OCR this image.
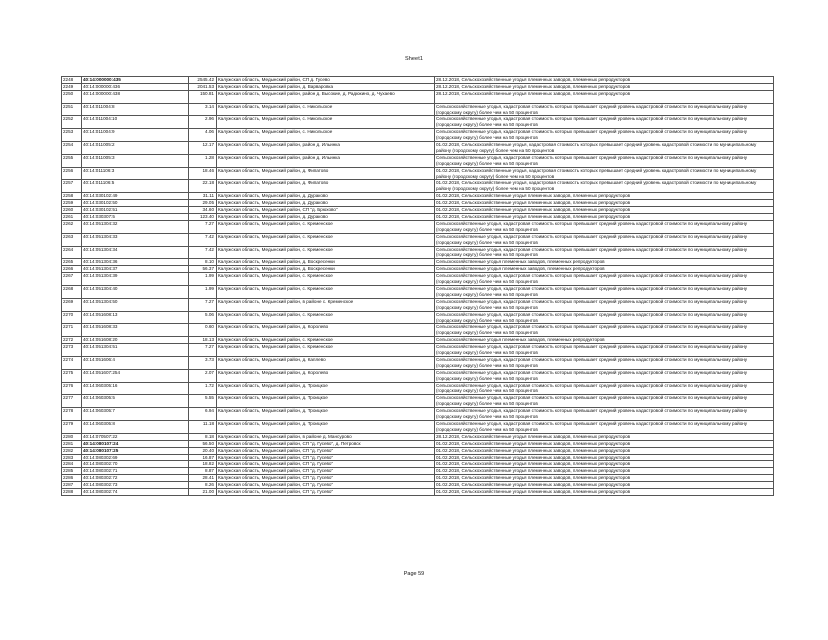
Sheet1
2248	40:14:000000:435	2545.42	Калужская область, Медынский район, СП д. Гусево	28.12.2018, Сельскохозяйственные угодья племенных заводов, племенных репродукторов
2249	40:14:000000:436	2041.53	Калужская область, Медынский район, д. Варваровка	28.12.2018, Сельскохозяйственные угодья племенных заводов, племенных репродукторов
2250	40:14:000000:438	150.81	Калужская область, Медынский район, район д. Высокие, д. Радюкино, д. Чухаево	28.12.2018, Сельскохозяйственные угодья племенных заводов, племенных репродукторов
2251	40:14:011004:8	3.14	Калужская область, Медынский район, с. Никольское	Сельскохозяйственные угодья, кадастровая стоимость которых превышает средний уровень кадастровой стоимости по муниципальному району (городскому округу) более чем на 50 процентов
2252	40:14:011004:10	2.96	Калужская область, Медынский район, с. Никольское	Сельскохозяйственные угодья, кадастровая стоимость которых превышает средний уровень кадастровой стоимости по муниципальному району (городскому округу) более чем на 50 процентов
2253	40:14:011004:9	4.06	Калужская область, Медынский район, с. Никольское	Сельскохозяйственные угодья, кадастровая стоимость которых превышает средний уровень кадастровой стоимости по муниципальному району (городскому округу) более чем на 50 процентов
2254	40:14:011005:2	12.17	Калужская область, Медынский район, район д. Ильинка	01.02.2018, Сельскохозяйственные угодья, кадастровая стоимость которых превышает средний уровень кадастровой стоимости по муниципальному району (городскому округу) более чем на 50 процентов
2255	40:14:011005:3	1.28	Калужская область, Медынский район, район д. Ильинка	Сельскохозяйственные угодья, кадастровая стоимость которых превышает средний уровень кадастровой стоимости по муниципальному району (городскому округу) более чем на 50 процентов
2256	40:14:011106:3	18.46	Калужская область, Медынский район, д. Фипатово	01.02.2018, Сельскохозяйственные угодья, кадастровая стоимость которых превышает средний уровень кадастровой стоимости по муниципальному району (городскому округу) более чем на 50 процентов
2257	40:14:011106:5	22.18	Калужская область, Медынский район, д. Фипатово	01.02.2018, Сельскохозяйственные угодья, кадастровая стоимость которых превышает средний уровень кадастровой стоимости по муниципальному району (городскому округу) более чем на 50 процентов
2258	40:14:030102:49	31.11	Калужская область, Медынский район, д. Дураково	01.02.2018, Сельскохозяйственные угодья племенных заводов, племенных репродукторов
2259	40:14:030102:50	29.05	Калужская область, Медынский район, д. Дураково	01.02.2018, Сельскохозяйственные угодья племенных заводов, племенных репродукторов
2260	40:14:030102:51	34.60	Калужская область, Медынский район, СП "д. Брюхово"	01.02.2018, Сельскохозяйственные угодья племенных заводов, племенных репродукторов
2261	40:14:030307:5	123.40	Калужская область, Медынский район, д. Дураково	01.02.2018, Сельскохозяйственные угодья племенных заводов, племенных репродукторов
2262	40:14:051304:32	7.27	Калужская область, Медынский район, с. Кременское	Сельскохозяйственные угодья, кадастровая стоимость которых превышает средний уровень кадастровой стоимости по муниципальному району (городскому округу) более чем на 50 процентов
2263	40:14:051304:33	7.42	Калужская область, Медынский район, с. Кременское	Сельскохозяйственные угодья, кадастровая стоимость которых превышает средний уровень кадастровой стоимости по муниципальному району (городскому округу) более чем на 50 процентов
2264	40:14:051304:34	7.42	Калужская область, Медынский район, с. Кременское	Сельскохозяйственные угодья, кадастровая стоимость которых превышает средний уровень кадастровой стоимости по муниципальному району (городскому округу) более чем на 50 процентов
2265	40:14:051304:36	8.10	Калужская область, Медынский район, д. Воскресенки	Сельскохозяйственные угодья племенных заводов, племенных репродукторов
2266	40:14:051304:37	56.37	Калужская область, Медынский район, д. Воскресенки	Сельскохозяйственные угодья племенных заводов, племенных репродукторов
2267	40:14:051304:39	1.99	Калужская область, Медынский район, с. Кременское	Сельскохозяйственные угодья, кадастровая стоимость которых превышает средний уровень кадастровой стоимости по муниципальному району (городскому округу) более чем на 50 процентов
2268	40:14:051304:40	1.99	Калужская область, Медынский район, с. Кременское	Сельскохозяйственные угодья, кадастровая стоимость которых превышает средний уровень кадастровой стоимости по муниципальному району (городскому округу) более чем на 50 процентов
2269	40:14:051304:50	7.27	Калужская область, Медынский район, в районе с. Кременское	Сельскохозяйственные угодья, кадастровая стоимость которых превышает средний уровень кадастровой стоимости по муниципальному району (городскому округу) более чем на 50 процентов
2270	40:14:051608:13	5.06	Калужская область, Медынский район, с. Кременское	Сельскохозяйственные угодья, кадастровая стоимость которых превышает средний уровень кадастровой стоимости по муниципальному району (городскому округу) более чем на 50 процентов
2271	40:14:051608:33	0.60	Калужская область, Медынский район, д. Королево	Сельскохозяйственные угодья, кадастровая стоимость которых превышает средний уровень кадастровой стоимости по муниципальному району (городскому округу) более чем на 50 процентов
2272	40:14:051608:20	18.13	Калужская область, Медынский район, с. Кременское	Сельскохозяйственные угодья племенных заводов, племенных репродукторов
2273	40:14:051304:51	7.27	Калужская область, Медынский район, с. Кременское	Сельскохозяйственные угодья, кадастровая стоимость которых превышает средний уровень кадастровой стоимости по муниципальному району (городскому округу) более чем на 50 процентов
2274	40:14:051606:4	3.73	Калужская область, Медынский район, д. Каплево	Сельскохозяйственные угодья, кадастровая стоимость которых превышает средний уровень кадастровой стоимости по муниципальному району (городскому округу) более чем на 50 процентов
2275	40:14:051607:254	2.07	Калужская область, Медынский район, д. Королево	Сельскохозяйственные угодья, кадастровая стоимость которых превышает средний уровень кадастровой стоимости по муниципальному району (городскому округу) более чем на 50 процентов
2276	40:14:060305:16	1.72	Калужская область, Медынский район, д. Троицкое	Сельскохозяйственные угодья, кадастровая стоимость которых превышает средний уровень кадастровой стоимости по муниципальному району (городскому округу) более чем на 50 процентов
2277	40:14:060305:5	5.55	Калужская область, Медынский район, д. Троицкое	Сельскохозяйственные угодья, кадастровая стоимость которых превышает средний уровень кадастровой стоимости по муниципальному району (городскому округу) более чем на 50 процентов
2278	40:14:060305:7	6.94	Калужская область, Медынский район, д. Троицкое	Сельскохозяйственные угодья, кадастровая стоимость которых превышает средний уровень кадастровой стоимости по муниципальному району (городскому округу) более чем на 50 процентов
2279	40:14:060305:8	11.18	Калужская область, Медынский район, д. Троицкое	Сельскохозяйственные угодья, кадастровая стоимость которых превышает средний уровень кадастровой стоимости по муниципальному району (городскому округу) более чем на 50 процентов
2280	40:14:070507:22	8.18	Калужская область, Медынский район, в районе д. Мансурово	28.12.2018, Сельскохозяйственные угодья племенных заводов, племенных репродукторов
2281	40:14:080107:24	56.50	Калужская область, Медынский район, СП "д. Гусево", д. Петровск	01.02.2018, Сельскохозяйственные угодья племенных заводов, племенных репродукторов
2282	40:14:080107:25	20.40	Калужская область, Медынский район, СП "д. Гусево"	01.02.2018, Сельскохозяйственные угодья племенных заводов, племенных репродукторов
2283	40:14:080302:69	16.87	Калужская область, Медынский район, СП "д. Гусево"	01.02.2018, Сельскохозяйственные угодья племенных заводов, племенных репродукторов
2284	40:14:080302:70	18.82	Калужская область, Медынский район, СП "д. Гусево"	01.02.2018, Сельскохозяйственные угодья племенных заводов, племенных репродукторов
2285	40:14:080302:71	8.87	Калужская область, Медынский район, СП "д. Гусево"	01.02.2018, Сельскохозяйственные угодья племенных заводов, племенных репродукторов
2286	40:14:080302:72	28.41	Калужская область, Медынский район, СП "д. Гусево"	01.02.2018, Сельскохозяйственные угодья племенных заводов, племенных репродукторов
2287	40:14:080302:73	8.26	Калужская область, Медынский район, СП "д. Гусево"	01.02.2018, Сельскохозяйственные угодья племенных заводов, племенных репродукторов
2288	40:14:080302:74	21.00	Калужская область, Медынский район, СП "д. Гусево"	01.02.2018, Сельскохозяйственные угодья племенных заводов, племенных репродукторов
Page 59
